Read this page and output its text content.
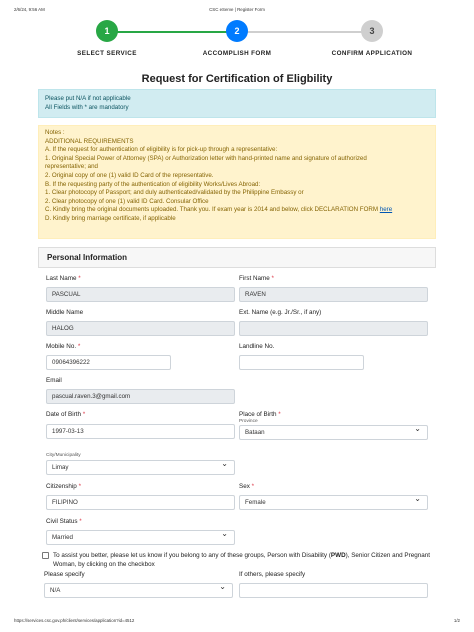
2/6/24, 9:56 AM	CSC eServe | Register Form
1
SELECT SERVICE
2
ACCOMPLISH FORM
3
CONFIRM APPLICATION
Request for Certification of Eligbility
Please put N/A if not applicable
All Fields with * are mandatory
Notes :
ADDITIONAL REQUIREMENTS
A. If the request for authentication of eligibility is for pick-up through a representative:
1. Original Special Power of Attorney (SPA) or Authorization letter with hand-printed name and signature of authorized
representative; and
2. Original copy of one (1) valid ID Card of the representative.
B. If the requesting party of the authentication of eligibility Works/Lives Abroad:
1. Clear photocopy of Passport; and duly authenticated/validated by the Philippine Embassy or
2. Clear photocopy of one (1) valid ID Card. Consular Office
C. Kindly bring the original documents uploaded. Thank you. If exam year is 2014 and below, click DECLARATION FORM here
D. Kindly bring marriage certificate, if applicable
Personal Information
Last Name *
PASCUAL
First Name *
RAVEN
Middle Name
HALOG
Ext. Name (e.g. Jr./Sr., if any)
Mobile No. *
09064396222
Landline No.
Email
pascual.raven.3@gmail.com
Date of Birth *
1997-03-13
Place of Birth *
Province
Bataan ⌄
City/Municipality
Limay ⌄
Citizenship *
FILIPINO
Sex *
Female ⌄
Civil Status *
Married ⌄
To assist you better, please let us know if you belong to any of these groups, Person with Disability (PWD), Senior Citizen and Pregnant Woman, by clicking on the checkbox
Please specify
N/A ⌄
If others, please specify
https://services.csc.gov.ph/client/services/application?id=4512	1/2
